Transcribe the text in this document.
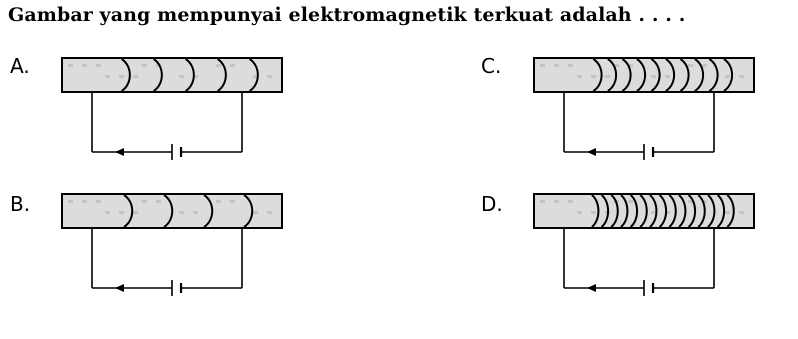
Gambar yang mempunyai elektromagnetik terkuat adalah . . . .
A.
B.
C.
D.
